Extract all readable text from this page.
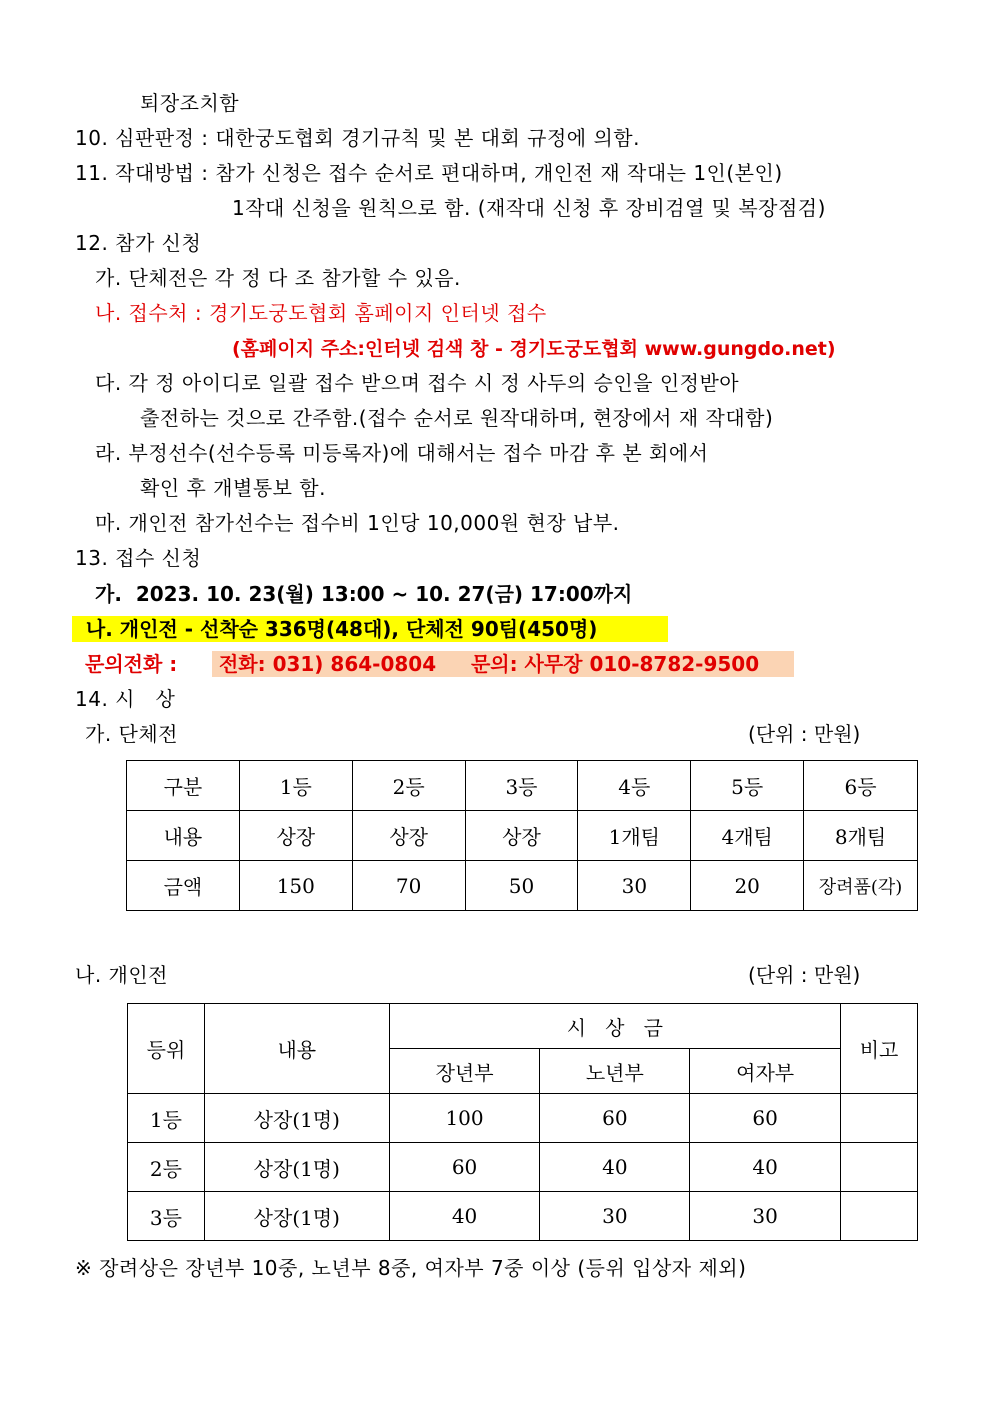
퇴장조치함
10. 심판판정 : 대한궁도협회 경기규칙 및 본 대회 규정에 의함.
11. 작대방법 : 참가 신청은 접수 순서로 편대하며, 개인전 재 작대는 1인(본인)
1작대 신청을 원칙으로 함. (재작대 신청 후 장비검열 및 복장점검)
12. 참가 신청
가. 단체전은 각 정 다 조 참가할 수 있음.
나. 접수처 : 경기도궁도협회 홈페이지 인터넷 접수
(홈페이지 주소:인터넷 검색 창 - 경기도궁도협회 www.gungdo.net)
다. 각 정 아이디로 일괄 접수 받으며 접수 시 정 사두의 승인을 인정받아
출전하는 것으로 간주함.(접수 순서로 원작대하며, 현장에서 재 작대함)
라. 부정선수(선수등록 미등록자)에 대해서는 접수 마감 후 본 회에서
확인 후 개별통보 함.
마. 개인전 참가선수는 접수비 1인당 10,000원 현장 납부.
13. 접수 신청
가.  2023. 10. 23(월) 13:00 ~ 10. 27(금) 17:00까지
나. 개인전 - 선착순 336명(48대), 단체전 90팀(450명)
문의전화 : 전화: 031) 864-0804     문의: 사무장 010-8782-9500
14. 시   상
가. 단체전	(단위 : 만원)
구분	1등	2등	3등	4등	5등	6등
내용	상장	상장	상장	1개팀	4개팀	8개팀
금액	150	70	50	30	20	장려품(각)
나. 개인전	(단위 : 만원)
등위	내용	시   상   금			비고
		장년부	노년부	여자부	
1등	상장(1명)	100	60	60	
2등	상장(1명)	60	40	40	
3등	상장(1명)	40	30	30	
※ 장려상은 장년부 10중, 노년부 8중, 여자부 7중 이상 (등위 입상자 제외)
